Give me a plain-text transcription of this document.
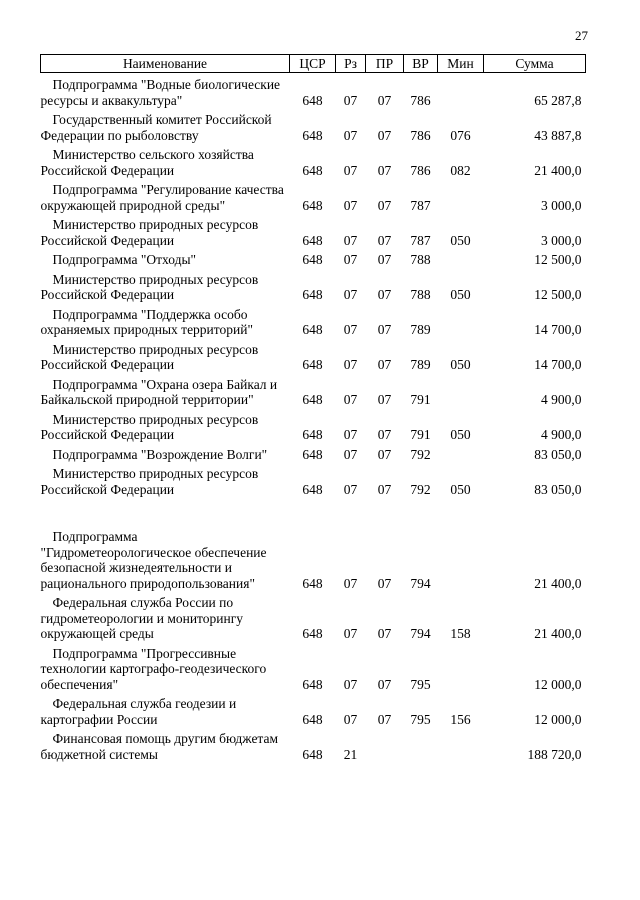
27
Наименование	ЦСР	Рз	ПР	ВР	Мин	Сумма

Подпрограмма "Водные биологические ресурсы и аквакультура"	648	07	07	786		65 287,8

Государственный комитет Российской Федерации по рыболовству	648	07	07	786	076	43 887,8

Министерство сельского хозяйства Российской Федерации	648	07	07	786	082	21 400,0

Подпрограмма "Регулирование качества окружающей природной среды"	648	07	07	787		3 000,0

Министерство природных ресурсов Российской Федерации	648	07	07	787	050	3 000,0

Подпрограмма "Отходы"	648	07	07	788		12 500,0

Министерство природных ресурсов Российской Федерации	648	07	07	788	050	12 500,0

Подпрограмма "Поддержка особо охраняемых природных территорий"	648	07	07	789		14 700,0

Министерство природных ресурсов Российской Федерации	648	07	07	789	050	14 700,0

Подпрограмма "Охрана озера Байкал и Байкальской природной территории"	648	07	07	791		4 900,0

Министерство природных ресурсов Российской Федерации	648	07	07	791	050	4 900,0

Подпрограмма "Возрождение Волги"	648	07	07	792		83 050,0

Министерство природных ресурсов Российской Федерации	648	07	07	792	050	83 050,0

Подпрограмма "Гидрометеорологическое обеспечение безопасной жизнедеятельности и рационального природопользования"	648	07	07	794		21 400,0

Федеральная служба России по гидрометеорологии и мониторингу окружающей среды	648	07	07	794	158	21 400,0

Подпрограмма "Прогрессивные технологии картографо-геодезического обеспечения"	648	07	07	795		12 000,0

Федеральная служба геодезии и картографии России	648	07	07	795	156	12 000,0

Финансовая помощь другим бюджетам бюджетной системы	648	21				188 720,0
